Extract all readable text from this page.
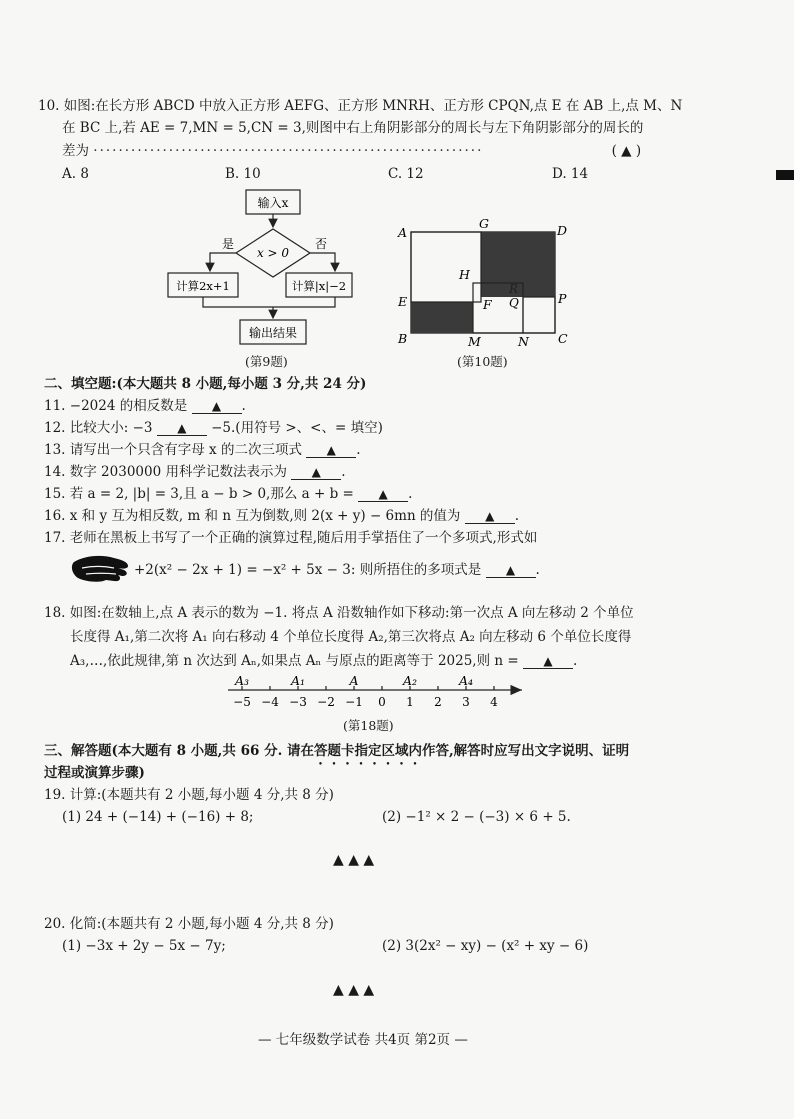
10. 如图:在长方形 ABCD 中放入正方形 AEFG、正方形 MNRH、正方形 CPQN,点 E 在 AB 上,点 M、N
在 BC 上,若 AE = 7,MN = 5,CN = 3,则图中右上角阴影部分的周长与左下角阴影部分的周长的
差为 ······························································	( ▲ )
A. 8	B. 10	C. 12	D. 14
输入x
x > 0
是	否
计算2x+1	计算|x|−2
输出结果
(第9题)
A
G	D
H
R
Q
E	F	P
B	M	N C
(第10题)
二、填空题:(本大题共 8 小题,每小题 3 分,共 24 分)
11. −2024 的相反数是 ▲ .
12. 比较大小: −3 ▲ −5.(用符号 >、<、= 填空)
13. 请写出一个只含有字母 x 的二次三项式 ▲ .
14. 数字 2030000 用科学记数法表示为 ▲ .
15. 若 a = 2, |b| = 3,且 a − b > 0,那么 a + b = ▲ .
16. x 和 y 互为相反数, m 和 n 互为倒数,则 2(x + y) − 6mn 的值为 ▲ .
17. 老师在黑板上书写了一个正确的演算过程,随后用手掌捂住了一个多项式,形式如
+2(x² − 2x + 1) = −x² + 5x − 3: 则所捂住的多项式是 ▲ .
18. 如图:在数轴上,点 A 表示的数为 −1. 将点 A 沿数轴作如下移动:第一次点 A 向左移动 2 个单位
长度得 A₁,第二次将 A₁ 向右移动 4 个单位长度得 A₂,第三次将点 A₂ 向左移动 6 个单位长度得
A₃,…,依此规律,第 n 次达到 Aₙ,如果点 Aₙ 与原点的距离等于 2025,则 n = ▲ .
−5 −4 −3 −2 −1 0 1 2 3 4
A₃	A₁	A	A₂	A₄
(第18题)
三、解答题(本大题有 8 小题,共 66 分. 请在答题卡指定区域内作答,解答时应写出文字说明、证明
过程或演算步骤)
19. 计算:(本题共有 2 小题,每小题 4 分,共 8 分)
(1) 24 + (−14) + (−16) + 8;	(2) −1² × 2 − (−3) × 6 + 5.
▲ ▲ ▲
20. 化简:(本题共有 2 小题,每小题 4 分,共 8 分)
(1) −3x + 2y − 5x − 7y;	(2) 3(2x² − xy) − (x² + xy − 6)
▲ ▲ ▲
— 七年级数学试卷 共4页 第2页 —
